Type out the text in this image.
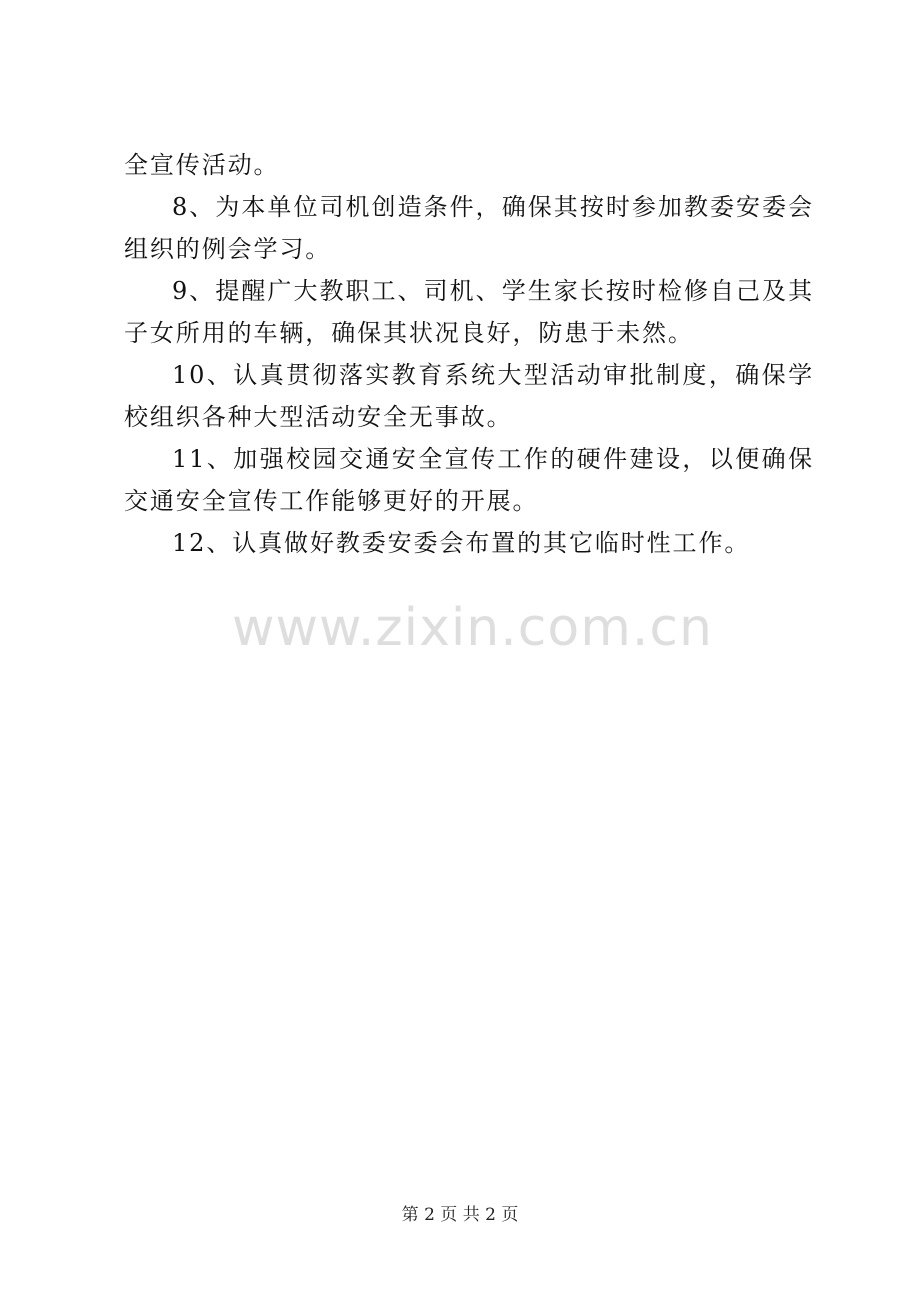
全宣传活动。

8、为本单位司机创造条件，确保其按时参加教委安委会组织的例会学习。

9、提醒广大教职工、司机、学生家长按时检修自己及其子女所用的车辆，确保其状况良好，防患于未然。

10、认真贯彻落实教育系统大型活动审批制度，确保学校组织各种大型活动安全无事故。

11、加强校园交通安全宣传工作的硬件建设，以便确保交通安全宣传工作能够更好的开展。

12、认真做好教委安委会布置的其它临时性工作。

www.zixin.com.cn
第 2 页 共 2 页
